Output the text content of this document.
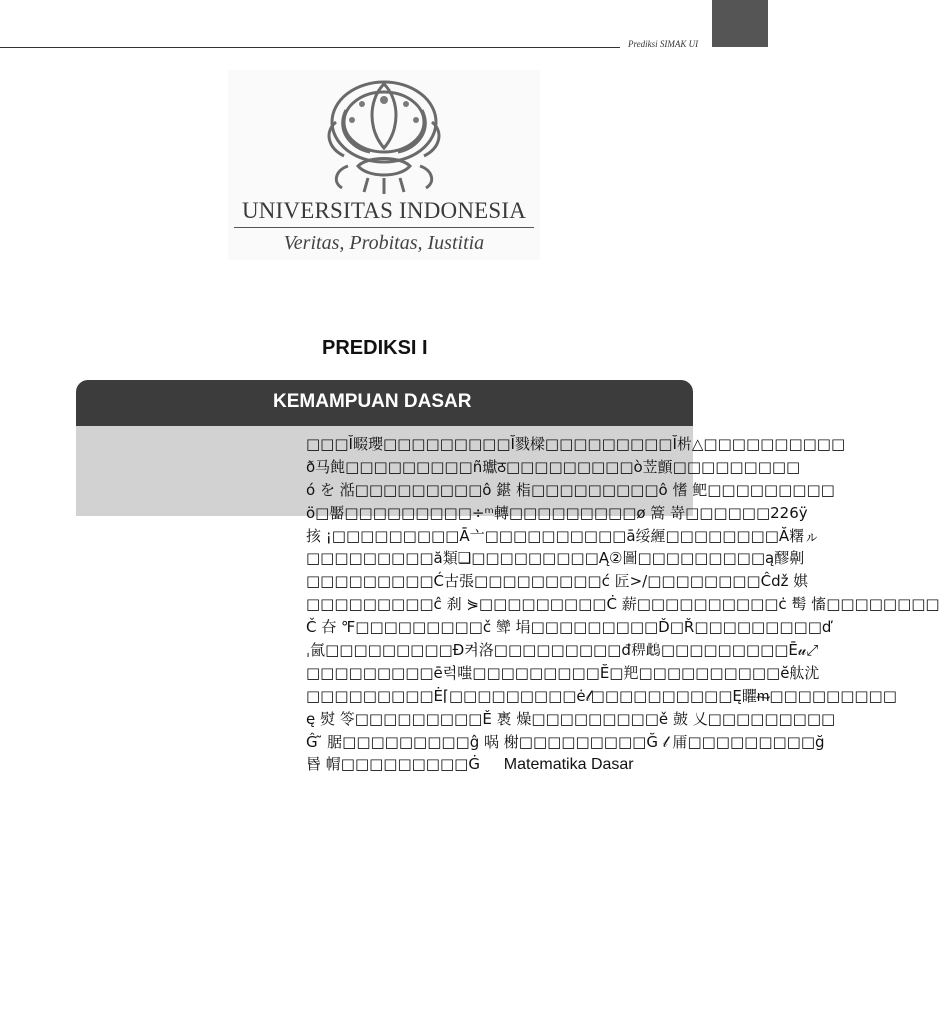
Prediksi SIMAK UI
UNIVERSITAS INDONESIA
Veritas, Probitas, Iustitia
PREDIKSI I
KEMAMPUAN DASAR
□□□Ĭ畷瓔□□□□□□□□□Ĭ戮樑□□□□□□□□□Ĭ㭊△□□□□□□□□□□
ð马飩□□□□□□□□□ñ瓛ठ□□□□□□□□□ò苙顫□□□□□□□□□
ó を 湉□□□□□□□□□ô 鍖 栺□□□□□□□□□ô 愭 鲃□□□□□□□□□
ö□靨□□□□□□□□□÷ᵐ轉□□□□□□□□□ø 篙 嵜□□□□□□226ÿ
㧡 ¡□□□□□□□□□Ā亠□□□□□□□□□□ā绥緾□□□□□□□□Ă糬ㇽ
□□□□□□□□□ă類❑□□□□□□□□□Ą②圖□□□□□□□□□ą醪劓
□□□□□□□□□Ć古張□□□□□□□□□ć 匠>/□□□□□□□□Ĉdž 娸
□□□□□□□□□ĉ 刹 ⋟□□□□□□□□□Ċ 薪□□□□□□□□□□ċ 髩 慉□□□□□□□□
Č 夻 ℉□□□□□□□□□č 㪻 埍□□□□□□□□□Ď□Ř□□□□□□□□□ď
ˌ氤□□□□□□□□□Đ켜洛□□□□□□□□□đ𥟗䳄□□□□□□□□□Ē𝓊⤢
□□□□□□□□□ē럭嗤□□□□□□□□□Ĕ□羓□□□□□□□□□□ĕ舦沋
□□□□□□□□□Ė⌈□□□□□□□□□ė𝓁□□□□□□□□□□Ę䂂ᵯ□□□□□□□□□
ę 熨 笭□□□□□□□□□Ě 褭 燥□□□□□□□□□ě 皷 乂□□□□□□□□□
Ĝ ̃ 腒□□□□□□□□□ĝ 㖞 榭□□□□□□□□□Ğ 𝓁 㕊□□□□□□□□□ğ
昬 㡌□□□□□□□□□Ġ Matematika Dasar
